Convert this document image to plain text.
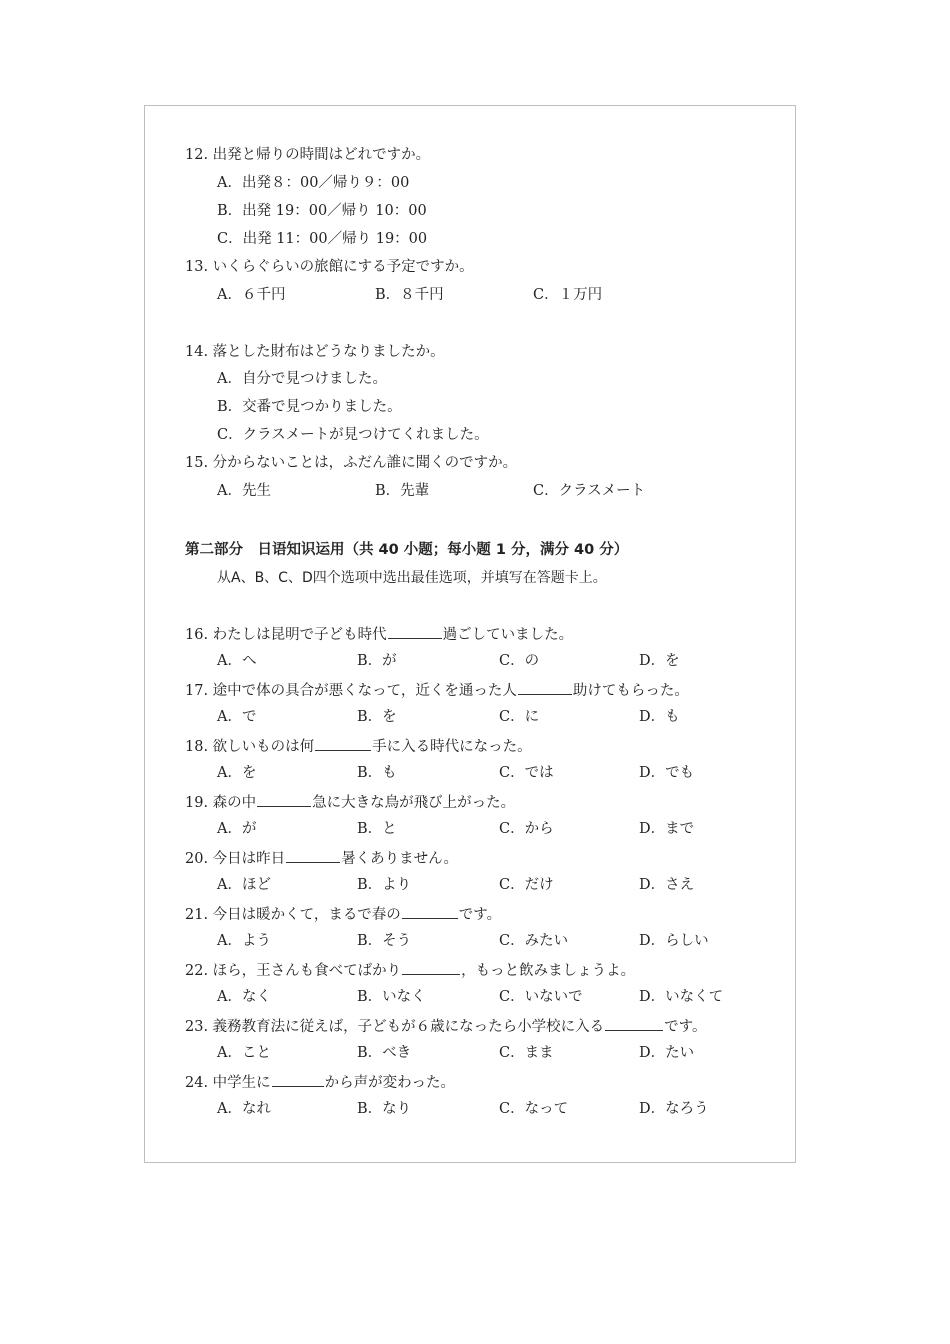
12. 出発と帰りの時間はどれですか。
A．出発８：00／帰り９：00
B．出発 19：00／帰り 10：00
C．出発 11：00／帰り 19：00
13. いくらぐらいの旅館にする予定ですか。
A．６千円	B．８千円	C．１万円
14. 落とした財布はどうなりましたか。
A．自分で見つけました。
B．交番で見つかりました。
C．クラスメートが見つけてくれました。
15. 分からないことは，ふだん誰に聞くのですか。
A．先生	B．先輩	C．クラスメート
第二部分　日语知识运用（共 40 小题；每小题 1 分，满分 40 分）
从A、B、C、D四个选项中选出最佳选项，并填写在答题卡上。
16. わたしは昆明で子ども時代	過ごしていました。
A．へ	B．が	C．の	D．を
17. 途中で体の具合が悪くなって，近くを通った人	助けてもらった。
A．で	B．を	C．に	D．も
18. 欲しいものは何	手に入る時代になった。
A．を	B．も	C．では	D．でも
19. 森の中	急に大きな鳥が飛び上がった。
A．が	B．と	C．から	D．まで
20. 今日は昨日	暑くありません。
A．ほど	B．より	C．だけ	D．さえ
21. 今日は暖かくて，まるで春の	です。
A．よう	B．そう	C．みたい	D．らしい
22. ほら，王さんも食べてばかり	，もっと飲みましょうよ。
A．なく	B．いなく	C．いないで	D．いなくて
23. 義務教育法に従えば，子どもが６歳になったら小学校に入る	です。
A．こと	B．べき	C．まま	D．たい
24. 中学生に	から声が変わった。
A．なれ	B．なり	C．なって	D．なろう
